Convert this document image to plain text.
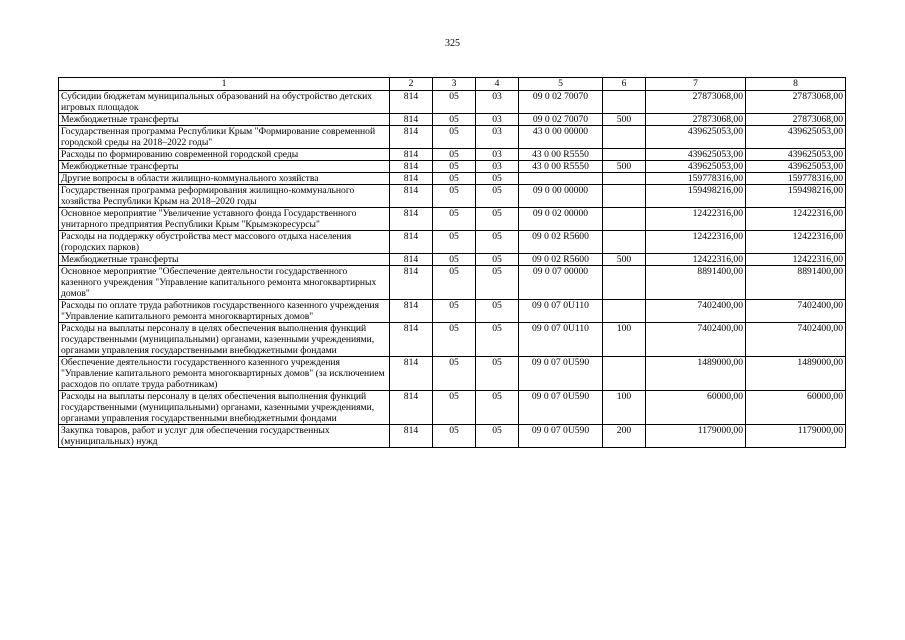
325
1	2	3	4	5	6	7	8
Субсидии бюджетам муниципальных образований на обустройство детских игровых площадок	814	05	03	09 0 02 70070		27873068,00	27873068,00
Межбюджетные трансферты	814	05	03	09 0 02 70070	500	27873068,00	27873068,00
Государственная программа Республики Крым "Формирование современной городской среды на 2018–2022 годы"	814	05	03	43 0 00 00000		439625053,00	439625053,00
Расходы по формированию современной городской среды	814	05	03	43 0 00 R5550		439625053,00	439625053,00
Межбюджетные трансферты	814	05	03	43 0 00 R5550	500	439625053,00	439625053,00
Другие вопросы в области жилищно-коммунального хозяйства	814	05	05			159778316,00	159778316,00
Государственная программа реформирования жилищно-коммунального хозяйства Республики Крым на 2018–2020 годы	814	05	05	09 0 00 00000		159498216,00	159498216,00
Основное мероприятие "Увеличение уставного фонда Государственного унитарного предприятия Республики Крым "Крымэкоресурсы"	814	05	05	09 0 02 00000		12422316,00	12422316,00
Расходы на поддержку обустройства мест массового отдыха населения (городских парков)	814	05	05	09 0 02 R5600		12422316,00	12422316,00
Межбюджетные трансферты	814	05	05	09 0 02 R5600	500	12422316,00	12422316,00
Основное мероприятие "Обеспечение деятельности государственного казенного учреждения "Управление капитального ремонта многоквартирных домов"	814	05	05	09 0 07 00000		8891400,00	8891400,00
Расходы по оплате труда работников государственного казенного учреждения "Управление капитального ремонта многоквартирных домов"	814	05	05	09 0 07 0U110		7402400,00	7402400,00
Расходы на выплаты персоналу в целях обеспечения выполнения функций государственными (муниципальными) органами, казенными учреждениями, органами управления государственными внебюджетными фондами	814	05	05	09 0 07 0U110	100	7402400,00	7402400,00
Обеспечение деятельности государственного казенного учреждения "Управление капитального ремонта многоквартирных домов" (за исключением расходов по оплате труда работникам)	814	05	05	09 0 07 0U590		1489000,00	1489000,00
Расходы на выплаты персоналу в целях обеспечения выполнения функций государственными (муниципальными) органами, казенными учреждениями, органами управления государственными внебюджетными фондами	814	05	05	09 0 07 0U590	100	60000,00	60000,00
Закупка товаров, работ и услуг для обеспечения государственных (муниципальных) нужд	814	05	05	09 0 07 0U590	200	1179000,00	1179000,00
